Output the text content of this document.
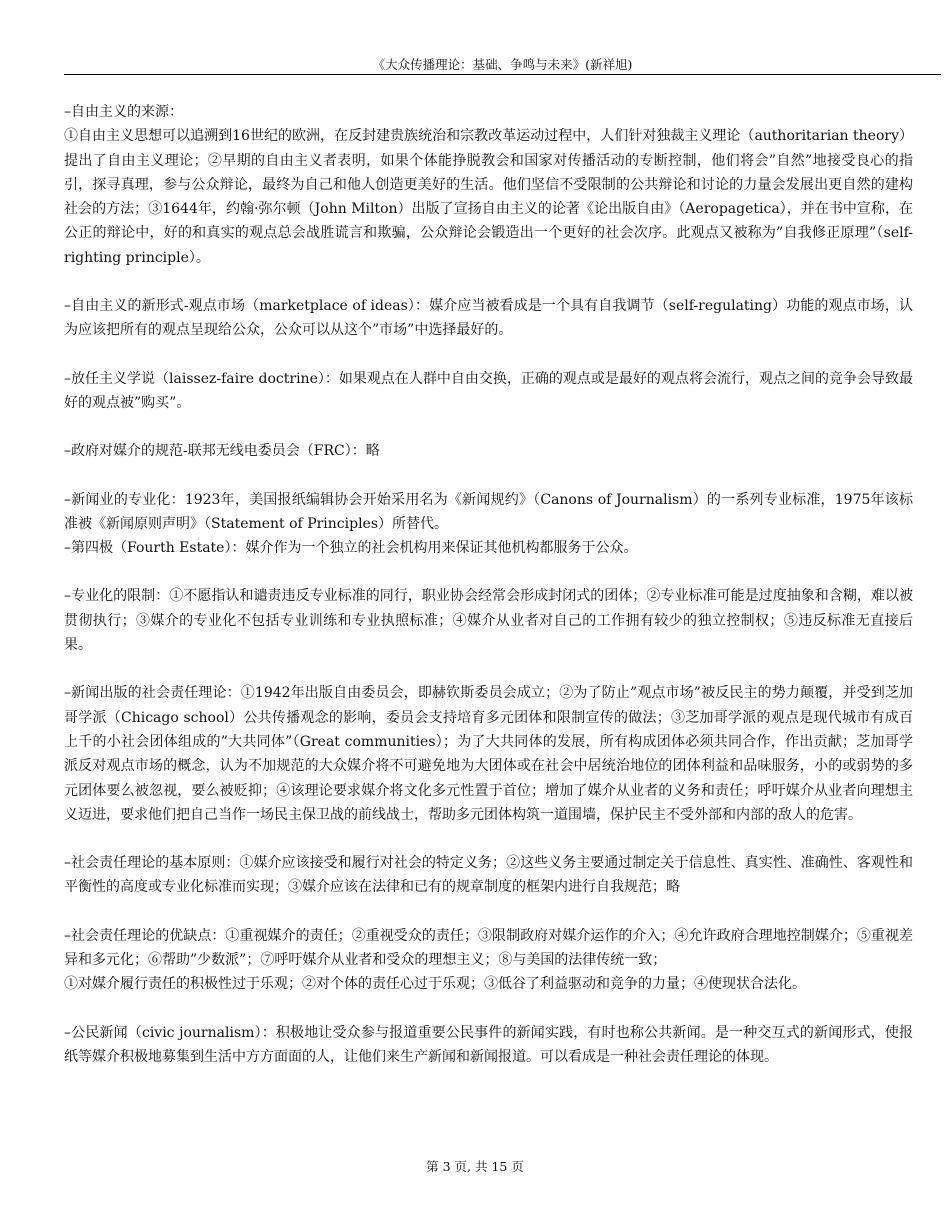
《大众传播理论：基础、争鸣与未来》(新祥旭)

–自由主义的来源：

①自由主义思想可以追溯到16世纪的欧洲，在反封建贵族统治和宗教改革运动过程中，人们针对独裁主义理论（authoritarian theory）提出了自由主义理论；②早期的自由主义者表明，如果个体能挣脱教会和国家对传播活动的专断控制，他们将会”自然”地接受良心的指引，探寻真理，参与公众辩论，最终为自己和他人创造更美好的生活。他们坚信不受限制的公共辩论和讨论的力量会发展出更自然的建构社会的方法；③1644年，约翰·弥尔顿（John Milton）出版了宣扬自由主义的论著《论出版自由》（Aeropagetica），并在书中宣称，在公正的辩论中，好的和真实的观点总会战胜谎言和欺骗，公众辩论会锻造出一个更好的社会次序。此观点又被称为”自我修正原理”（self-righting principle）。

–自由主义的新形式-观点市场（marketplace of ideas）：媒介应当被看成是一个具有自我调节（self-regulating）功能的观点市场，认为应该把所有的观点呈现给公众，公众可以从这个”市场”中选择最好的。

–放任主义学说（laissez-faire doctrine）：如果观点在人群中自由交换，正确的观点或是最好的观点将会流行，观点之间的竞争会导致最好的观点被”购买”。

–政府对媒介的规范-联邦无线电委员会（FRC）：略

–新闻业的专业化：1923年，美国报纸编辑协会开始采用名为《新闻规约》（Canons of Journalism）的一系列专业标准，1975年该标准被《新闻原则声明》（Statement of Principles）所替代。

–第四极（Fourth Estate）：媒介作为一个独立的社会机构用来保证其他机构都服务于公众。

–专业化的限制：①不愿指认和谴责违反专业标准的同行，职业协会经常会形成封闭式的团体；②专业标准可能是过度抽象和含糊，难以被贯彻执行；③媒介的专业化不包括专业训练和专业执照标准；④媒介从业者对自己的工作拥有较少的独立控制权；⑤违反标准无直接后果。

–新闻出版的社会责任理论：①1942年出版自由委员会，即赫钦斯委员会成立；②为了防止”观点市场”被反民主的势力颠覆，并受到芝加哥学派（Chicago school）公共传播观念的影响，委员会支持培育多元团体和限制宣传的做法；③芝加哥学派的观点是现代城市有成百上千的小社会团体组成的”大共同体”（Great communities）；为了大共同体的发展，所有构成团体必须共同合作，作出贡献；芝加哥学派反对观点市场的概念，认为不加规范的大众媒介将不可避免地为大团体或在社会中居统治地位的团体利益和品味服务，小的或弱势的多元团体要么被忽视，要么被贬抑；④该理论要求媒介将文化多元性置于首位；增加了媒介从业者的义务和责任；呼吁媒介从业者向理想主义迈进，要求他们把自己当作一场民主保卫战的前线战士，帮助多元团体构筑一道围墙，保护民主不受外部和内部的敌人的危害。

–社会责任理论的基本原则：①媒介应该接受和履行对社会的特定义务；②这些义务主要通过制定关于信息性、真实性、准确性、客观性和平衡性的高度或专业化标准而实现；③媒介应该在法律和已有的规章制度的框架内进行自我规范；略

–社会责任理论的优缺点：①重视媒介的责任；②重视受众的责任；③限制政府对媒介运作的介入；④允许政府合理地控制媒介；⑤重视差异和多元化；⑥帮助”少数派”；⑦呼吁媒介从业者和受众的理想主义；⑧与美国的法律传统一致；

①对媒介履行责任的积极性过于乐观；②对个体的责任心过于乐观；③低谷了利益驱动和竞争的力量；④使现状合法化。

–公民新闻（civic journalism）：积极地让受众参与报道重要公民事件的新闻实践，有时也称公共新闻。是一种交互式的新闻形式，使报纸等媒介积极地募集到生活中方方面面的人，让他们来生产新闻和新闻报道。可以看成是一种社会责任理论的体现。

第 3 页, 共 15 页
